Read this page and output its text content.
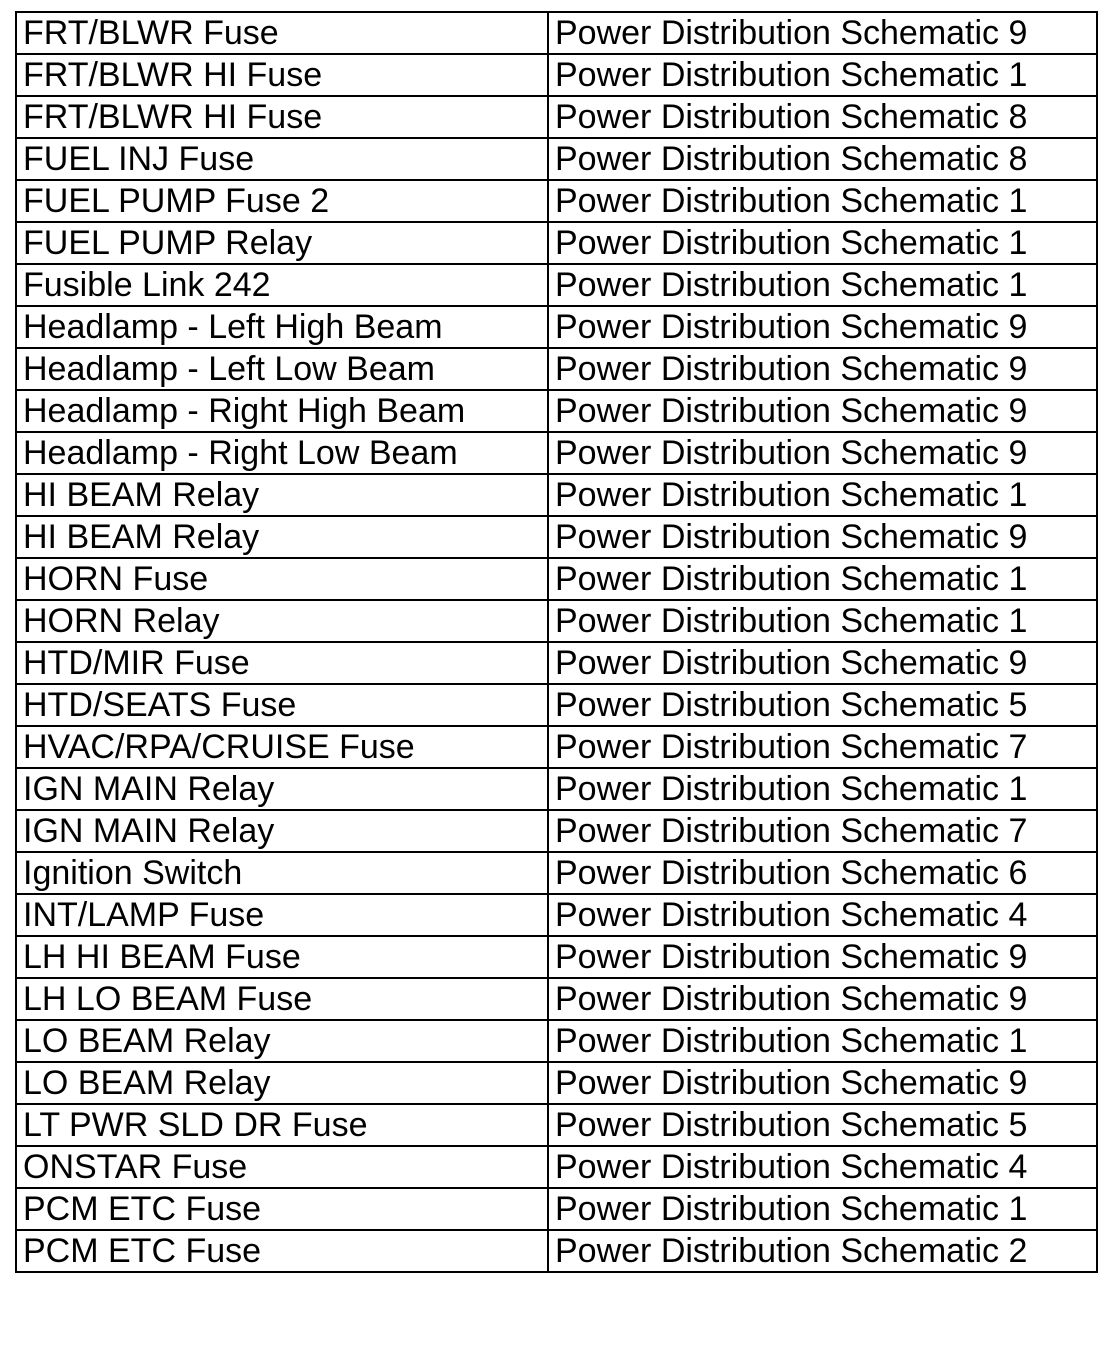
FRT/BLWR Fuse	Power Distribution Schematic 9
FRT/BLWR HI Fuse	Power Distribution Schematic 1
FRT/BLWR HI Fuse	Power Distribution Schematic 8
FUEL INJ Fuse	Power Distribution Schematic 8
FUEL PUMP Fuse 2	Power Distribution Schematic 1
FUEL PUMP Relay	Power Distribution Schematic 1
Fusible Link 242	Power Distribution Schematic 1
Headlamp - Left High Beam	Power Distribution Schematic 9
Headlamp - Left Low Beam	Power Distribution Schematic 9
Headlamp - Right High Beam	Power Distribution Schematic 9
Headlamp - Right Low Beam	Power Distribution Schematic 9
HI BEAM Relay	Power Distribution Schematic 1
HI BEAM Relay	Power Distribution Schematic 9
HORN Fuse	Power Distribution Schematic 1
HORN Relay	Power Distribution Schematic 1
HTD/MIR Fuse	Power Distribution Schematic 9
HTD/SEATS Fuse	Power Distribution Schematic 5
HVAC/RPA/CRUISE Fuse	Power Distribution Schematic 7
IGN MAIN Relay	Power Distribution Schematic 1
IGN MAIN Relay	Power Distribution Schematic 7
Ignition Switch	Power Distribution Schematic 6
INT/LAMP Fuse	Power Distribution Schematic 4
LH HI BEAM Fuse	Power Distribution Schematic 9
LH LO BEAM Fuse	Power Distribution Schematic 9
LO BEAM Relay	Power Distribution Schematic 1
LO BEAM Relay	Power Distribution Schematic 9
LT PWR SLD DR Fuse	Power Distribution Schematic 5
ONSTAR Fuse	Power Distribution Schematic 4
PCM ETC Fuse	Power Distribution Schematic 1
PCM ETC Fuse	Power Distribution Schematic 2
